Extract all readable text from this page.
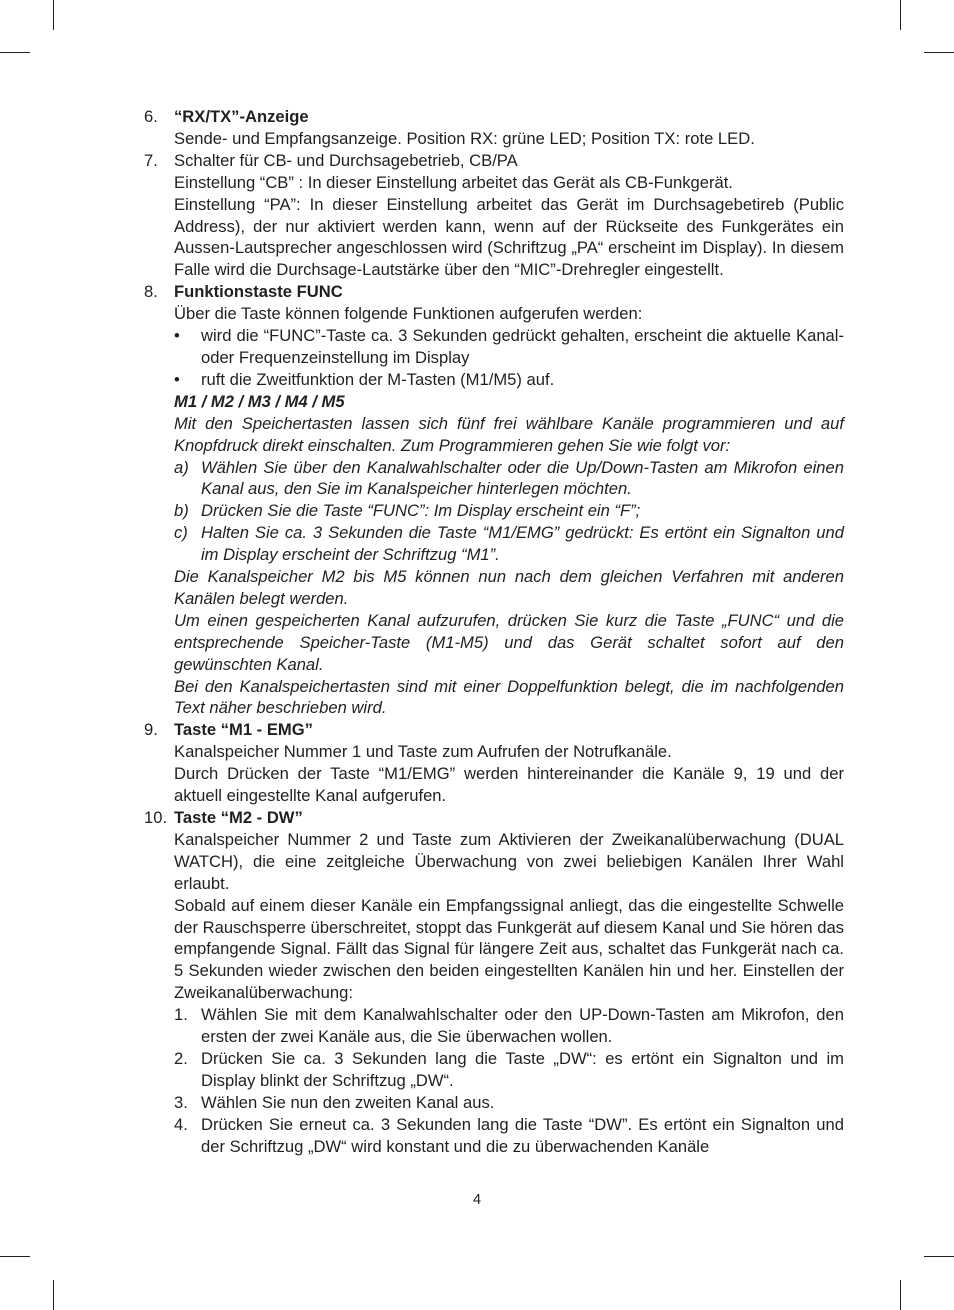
6. “RX/TX”-Anzeige

Sende- und Empfangsanzeige. Position RX: grüne LED; Position TX: rote LED.

7. Schalter für CB- und Durchsagebetrieb, CB/PA

Einstellung “CB” : In dieser Einstellung arbeitet das Gerät als CB-Funkgerät.

Einstellung “PA”: In dieser Einstellung arbeitet das Gerät im Durchsagebetireb (Public Address), der nur aktiviert werden kann, wenn auf der Rückseite des Funkgerätes ein Aussen-Lautsprecher angeschlossen wird (Schriftzug „PA“ erscheint im Display). In diesem Falle wird die Durchsage-Lautstärke über den “MIC”-Drehregler eingestellt.

8. Funktionstaste FUNC

Über die Taste können folgende Funktionen aufgerufen werden:

• wird die “FUNC”-Taste ca. 3 Sekunden gedrückt gehalten, erscheint die aktuelle Kanal- oder Frequenzeinstellung im Display
• ruft die Zweitfunktion der M-Tasten (M1/M5) auf.

M1 / M2 / M3 / M4 / M5

Mit den Speichertasten lassen sich fünf frei wählbare Kanäle programmieren und auf Knopfdruck direkt einschalten. Zum Programmieren gehen Sie wie folgt vor:

a) Wählen Sie über den Kanalwahlschalter oder die Up/Down-Tasten am Mikrofon einen Kanal aus, den Sie im Kanalspeicher hinterlegen möchten.
b) Drücken Sie die Taste “FUNC”: Im Display erscheint ein “F”;
c) Halten Sie ca. 3 Sekunden die Taste “M1/EMG” gedrückt: Es ertönt ein Signalton und im Display erscheint der Schriftzug “M1”.

Die Kanalspeicher M2 bis M5 können nun nach dem gleichen Verfahren mit anderen Kanälen belegt werden.

Um einen gespeicherten Kanal aufzurufen, drücken Sie kurz die Taste „FUNC“ und die entsprechende Speicher-Taste (M1-M5) und das Gerät schaltet sofort auf den gewünschten Kanal.

Bei den Kanalspeichertasten sind mit einer Doppelfunktion belegt, die im nachfolgenden Text näher beschrieben wird.

9. Taste “M1 - EMG”

Kanalspeicher Nummer 1 und Taste zum Aufrufen der Notrufkanäle.

Durch Drücken der Taste “M1/EMG” werden hintereinander die Kanäle 9, 19 und der aktuell eingestellte Kanal aufgerufen.

10. Taste “M2 - DW”

Kanalspeicher Nummer 2 und Taste zum Aktivieren der Zweikanalüberwachung (DUAL WATCH), die eine zeitgleiche Überwachung von zwei beliebigen Kanälen Ihrer Wahl erlaubt.

Sobald auf einem dieser Kanäle ein Empfangssignal anliegt, das die eingestellte Schwelle der Rauschsperre überschreitet, stoppt das Funkgerät auf diesem Kanal und Sie hören das empfangende Signal. Fällt das Signal für längere Zeit aus, schaltet das Funkgerät nach ca. 5 Sekunden wieder zwischen den beiden eingestellten Kanälen hin und her. Einstellen der Zweikanalüberwachung:

1. Wählen Sie mit dem Kanalwahlschalter oder den UP-Down-Tasten am Mikrofon, den ersten der zwei Kanäle aus, die Sie überwachen wollen.
2. Drücken Sie ca. 3 Sekunden lang die Taste „DW“: es ertönt ein Signalton und im Display blinkt der Schriftzug „DW“.
3. Wählen Sie nun den zweiten Kanal aus.
4. Drücken Sie erneut ca. 3 Sekunden lang die Taste “DW”. Es ertönt ein Signalton und der Schriftzug „DW“ wird konstant und die zu überwachenden Kanäle
4
